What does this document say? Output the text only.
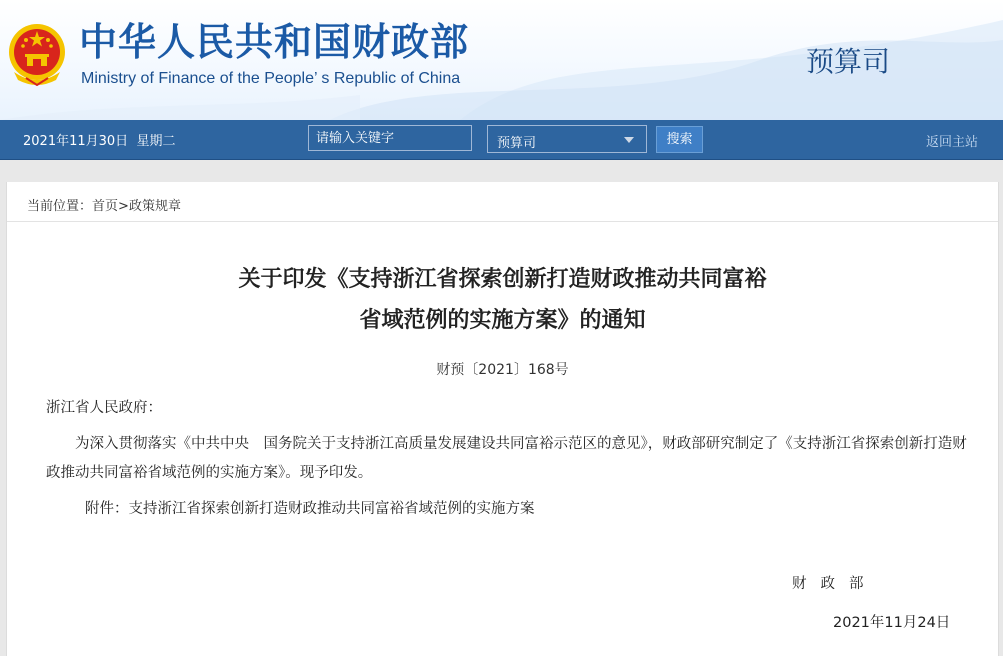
中华人民共和国财政部
Ministry of Finance of the People’ s Republic of China
预算司
2021年11月30日 星期二
请输入关键字	预算司	搜索	返回主站
当前位置：首页>政策规章
关于印发《支持浙江省探索创新打造财政推动共同富裕
省域范例的实施方案》的通知
财预〔2021〕168号
浙江省人民政府：
为深入贯彻落实《中共中央　国务院关于支持浙江高质量发展建设共同富裕示范区的意见》，财政部研究制定了《支持浙江省探索创新打造财政推动共同富裕省域范例的实施方案》。现予印发。
附件：支持浙江省探索创新打造财政推动共同富裕省域范例的实施方案
财政部
2021年11月24日
